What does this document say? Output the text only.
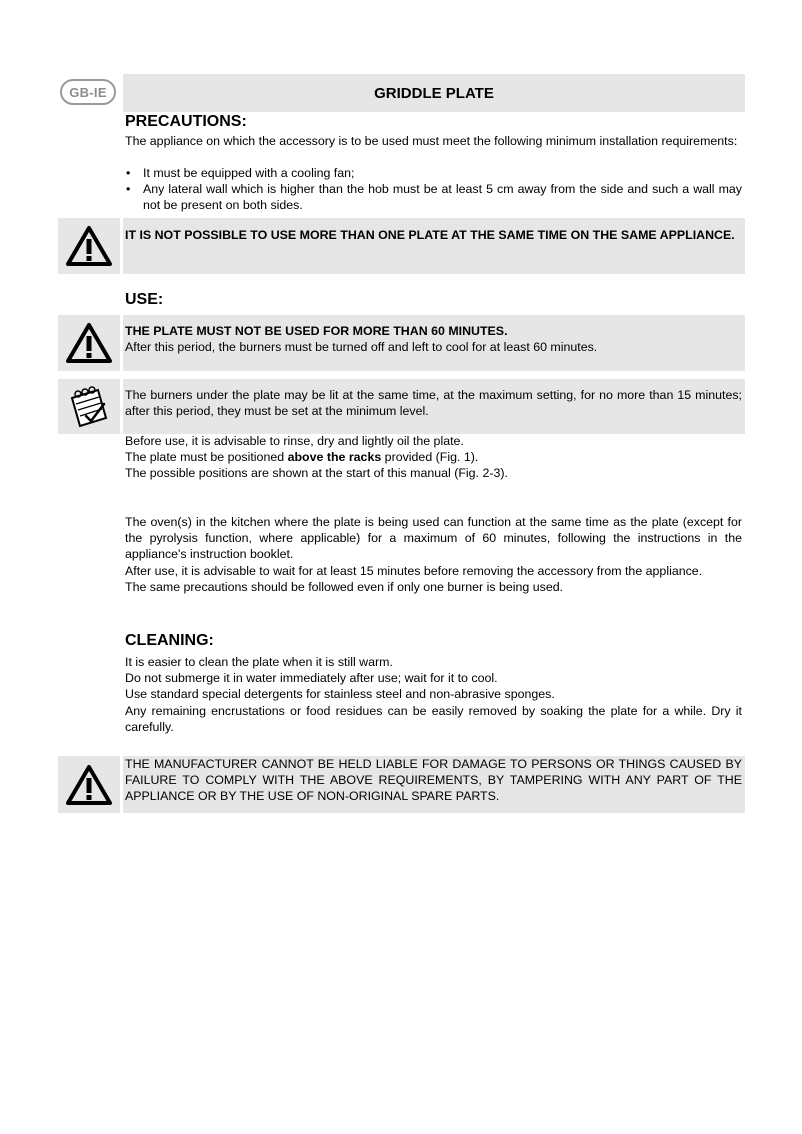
GB-IE	GRIDDLE PLATE
PRECAUTIONS:

The appliance on which the accessory is to be used must meet the following minimum installation requirements:

• It must be equipped with a cooling fan;
• Any lateral wall which is higher than the hob must be at least 5 cm away from the side and such a wall may not be present on both sides.

IT IS NOT POSSIBLE TO USE MORE THAN ONE PLATE AT THE SAME TIME ON THE SAME APPLIANCE.

USE:

THE PLATE MUST NOT BE USED FOR MORE THAN 60 MINUTES.

After this period, the burners must be turned off and left to cool for at least 60 minutes.

The burners under the plate may be lit at the same time, at the maximum setting, for no more than 15 minutes; after this period, they must be set at the minimum level.

Before use, it is advisable to rinse, dry and lightly oil the plate.

The plate must be positioned above the racks provided (Fig. 1).

The possible positions are shown at the start of this manual (Fig. 2-3).

The oven(s) in the kitchen where the plate is being used can function at the same time as the plate (except for the pyrolysis function, where applicable) for a maximum of 60 minutes, following the instructions in the appliance's instruction booklet.

After use, it is advisable to wait for at least 15 minutes before removing the accessory from the appliance.

The same precautions should be followed even if only one burner is being used.

CLEANING:

It is easier to clean the plate when it is still warm.

Do not submerge it in water immediately after use; wait for it to cool.

Use standard special detergents for stainless steel and non-abrasive sponges.

Any remaining encrustations or food residues can be easily removed by soaking the plate for a while. Dry it carefully.

THE MANUFACTURER CANNOT BE HELD LIABLE FOR DAMAGE TO PERSONS OR THINGS CAUSED BY FAILURE TO COMPLY WITH THE ABOVE REQUIREMENTS, BY TAMPERING WITH ANY PART OF THE APPLIANCE OR BY THE USE OF NON-ORIGINAL SPARE PARTS.
